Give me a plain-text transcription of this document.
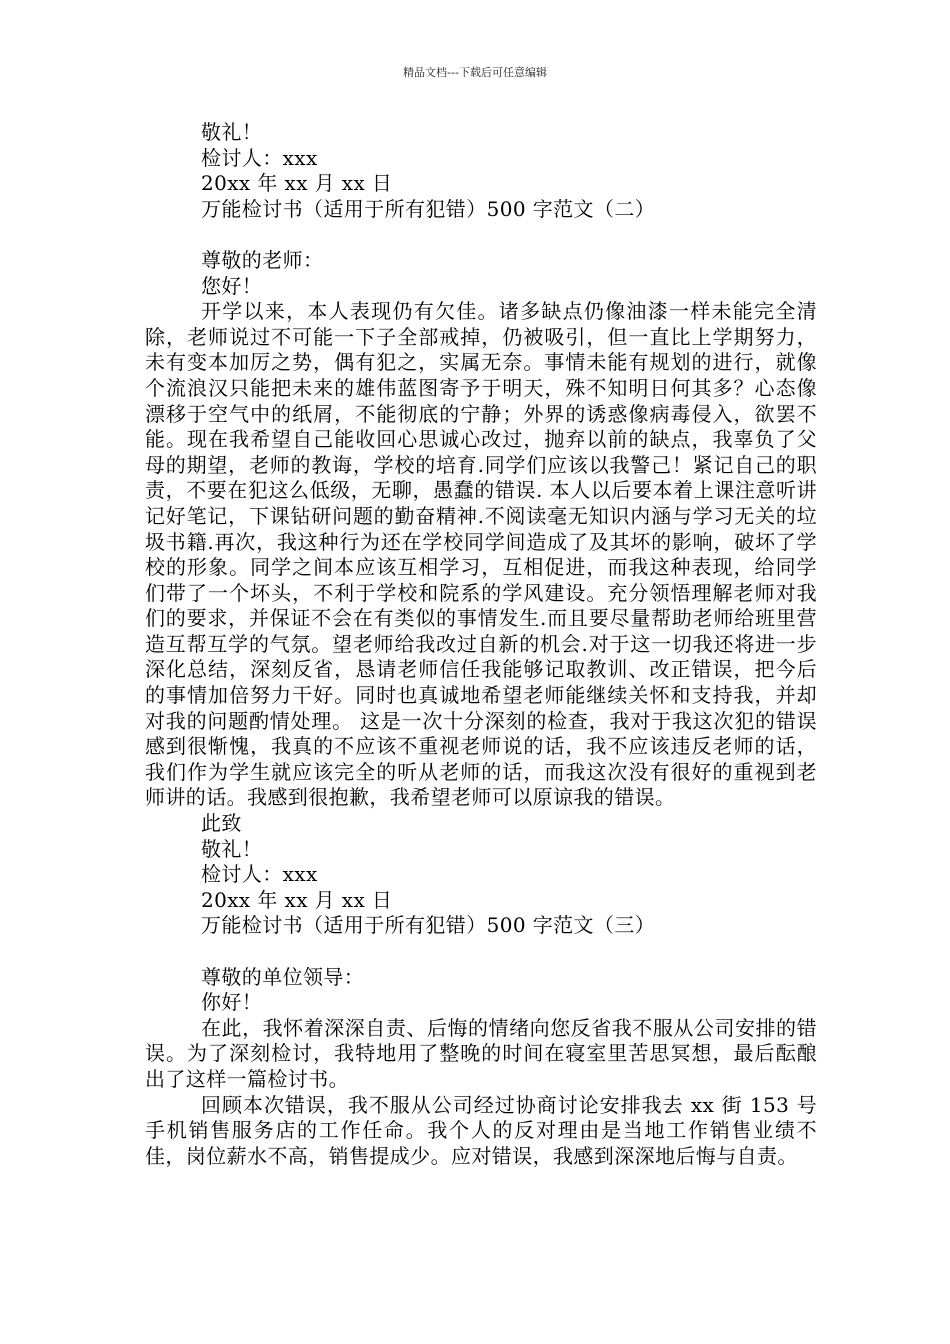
精品文档---下载后可任意编辑

敬礼！

检讨人：xxx

20xx 年 xx 月 xx 日

万能检讨书（适用于所有犯错）500 字范文（二）

尊敬的老师：

您好！

开学以来，本人表现仍有欠佳。诸多缺点仍像油漆一样未能完全清除，老师说过不可能一下子全部戒掉，仍被吸引，但一直比上学期努力，未有变本加厉之势，偶有犯之，实属无奈。事情未能有规划的进行，就像个流浪汉只能把未来的雄伟蓝图寄予于明天，殊不知明日何其多？心态像漂移于空气中的纸屑，不能彻底的宁静；外界的诱惑像病毒侵入，欲罢不能。现在我希望自己能收回心思诚心改过，抛弃以前的缺点，我辜负了父母的期望，老师的教诲，学校的培育.同学们应该以我警己！紧记自己的职责，不要在犯这么低级，无聊，愚蠢的错误. 本人以后要本着上课注意听讲记好笔记，下课钻研问题的勤奋精神.不阅读毫无知识内涵与学习无关的垃圾书籍.再次，我这种行为还在学校同学间造成了及其坏的影响，破坏了学校的形象。同学之间本应该互相学习，互相促进，而我这种表现，给同学们带了一个坏头，不利于学校和院系的学风建设。充分领悟理解老师对我们的要求，并保证不会在有类似的事情发生.而且要尽量帮助老师给班里营造互帮互学的气氛。望老师给我改过自新的机会.对于这一切我还将进一步深化总结，深刻反省，恳请老师信任我能够记取教训、改正错误，把今后的事情加倍努力干好。同时也真诚地希望老师能继续关怀和支持我，并却对我的问题酌情处理。 这是一次十分深刻的检查，我对于我这次犯的错误感到很惭愧，我真的不应该不重视老师说的话，我不应该违反老师的话，我们作为学生就应该完全的听从老师的话，而我这次没有很好的重视到老师讲的话。我感到很抱歉，我希望老师可以原谅我的错误。

此致

敬礼！

检讨人：xxx

20xx 年 xx 月 xx 日

万能检讨书（适用于所有犯错）500 字范文（三）

尊敬的单位领导：

你好！

在此，我怀着深深自责、后悔的情绪向您反省我不服从公司安排的错误。为了深刻检讨，我特地用了整晚的时间在寝室里苦思冥想，最后酝酿出了这样一篇检讨书。

回顾本次错误，我不服从公司经过协商讨论安排我去 xx 街 153 号手机销售服务店的工作任命。我个人的反对理由是当地工作销售业绩不佳，岗位薪水不高，销售提成少。应对错误，我感到深深地后悔与自责。
